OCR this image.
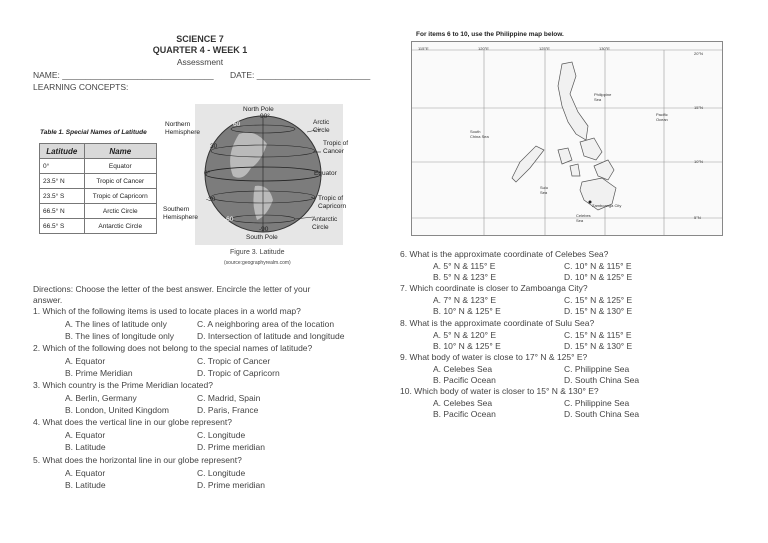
SCIENCE 7
QUARTER 4 - WEEK 1
Assessment
NAME: ________________________________ DATE: ________________________
LEARNING CONCEPTS:
Table 1. Special Names of Latitude
Latitude	Name
0°	Equator
23.5° N	Tropic of Cancer
23.5° S	Tropic of Capricorn
66.5° N	Arctic Circle
66.5° S	Antarctic Circle
North Pole
90°
Northern
Hemisphere
60
30
0°
-30
-60
-90
South Pole
Southern
Hemisphere
Arctic
Circle
Tropic of
Cancer
Equator
Tropic of
Capricorn
Antarctic
Circle
Figure 3. Latitude
(source:geographyrealm.com)
Directions: Choose the letter of the best answer. Encircle the letter of your
answer.
1. Which of the following items is used to locate places in a world map?
A. The lines of latitude only	C. A neighboring area of the location
B. The lines of longitude only	D. Intersection of latitude and longitude
2. Which of the following does not belong to the special names of latitude?
A. Equator	C. Tropic of Cancer
B. Prime Meridian	D. Tropic of Capricorn
3. Which country is the Prime Meridian located?
A. Berlin, Germany	C. Madrid, Spain
B. London, United Kingdom	D. Paris, France
4. What does the vertical line in our globe represent?
A. Equator	C. Longitude
B. Latitude	D. Prime meridian
5. What does the horizontal line in our globe represent?
A. Equator	C. Longitude
B. Latitude	D. Prime meridian
For items 6 to 10, use the Philippine map below.
115°E	120°E	125°E	130°E
20°N
15°N
10°N
5°N
Philippine
Sea
Pacific
Ocean
South
China Sea
Sulu
Sea
Zamboanga City
Celebes
Sea
6. What is the approximate coordinate of Celebes Sea?
A. 5° N & 115° E	C. 10° N & 115° E
B. 5° N & 123° E	D. 10° N & 125° E
7. Which coordinate is closer to Zamboanga City?
A. 7° N & 123° E	C. 15° N & 125° E
B. 10° N & 125° E	D. 15° N & 130° E
8. What is the approximate coordinate of Sulu Sea?
A. 5° N & 120° E	C. 15° N & 115° E
B. 10° N & 125° E	D. 15° N & 130° E
9. What body of water is close to 17° N & 125° E?
A. Celebes Sea	C. Philippine Sea
B. Pacific Ocean	D. South China Sea
10. Which body of water is closer to 15° N & 130° E?
A. Celebes Sea	C. Philippine Sea
B. Pacific Ocean	D. South China Sea
